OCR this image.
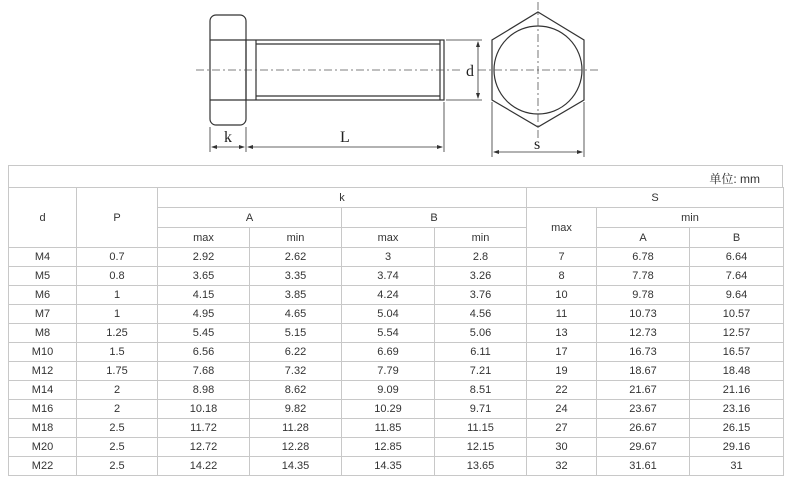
k	L
d
s
单位: mm
d	P	k				S		
		A		B		max	min	
		max	min	max	min		A	B
M4	0.7	2.92	2.62	3	2.8	7	6.78	6.64
M5	0.8	3.65	3.35	3.74	3.26	8	7.78	7.64
M6	1	4.15	3.85	4.24	3.76	10	9.78	9.64
M7	1	4.95	4.65	5.04	4.56	11	10.73	10.57
M8	1.25	5.45	5.15	5.54	5.06	13	12.73	12.57
M10	1.5	6.56	6.22	6.69	6.11	17	16.73	16.57
M12	1.75	7.68	7.32	7.79	7.21	19	18.67	18.48
M14	2	8.98	8.62	9.09	8.51	22	21.67	21.16
M16	2	10.18	9.82	10.29	9.71	24	23.67	23.16
M18	2.5	11.72	11.28	11.85	11.15	27	26.67	26.15
M20	2.5	12.72	12.28	12.85	12.15	30	29.67	29.16
M22	2.5	14.22	14.35	14.35	13.65	32	31.61	31
